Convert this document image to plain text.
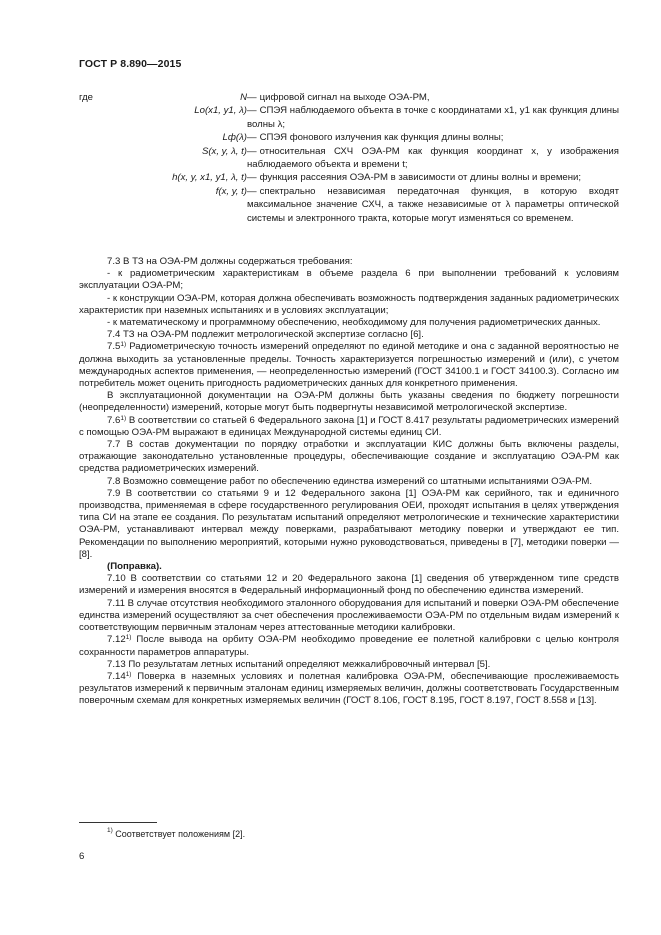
ГОСТ Р 8.890—2015
где	N — цифровой сигнал на выходе ОЭА-РМ,
Lo(x1, y1, λ) — СПЭЯ наблюдаемого объекта в точке с координатами x1, y1 как функция длины волны λ;
Lф(λ) — СПЭЯ фонового излучения как функция длины волны;
S(x, y, λ, t) — относительная СХЧ ОЭА-РМ как функция координат x, y изображения наблюдаемого объекта и времени t;
h(x, y, x1, y1, λ, t) — функция рассеяния ОЭА-РМ в зависимости от длины волны и времени;
f(x, y, t) — спектрально независимая передаточная функция, в которую входят максимальное значение СХЧ, а также независимые от λ параметры оптической системы и электронного тракта, которые могут изменяться со временем.

7.3 В ТЗ на ОЭА-РМ должны содержаться требования:

- к радиометрическим характеристикам в объеме раздела 6 при выполнении требований к условиям эксплуатации ОЭА-РМ;

- к конструкции ОЭА-РМ, которая должна обеспечивать возможность подтверждения заданных радиометрических характеристик при наземных испытаниях и в условиях эксплуатации;

- к математическому и программному обеспечению, необходимому для получения радиометрических данных.

7.4 ТЗ на ОЭА-РМ подлежит метрологической экспертизе согласно [6].

7.5$^{1)}$ Радиометрическую точность измерений определяют по единой методике и она с заданной вероятностью не должна выходить за установленные пределы. Точность характеризуется погрешностью измерений и (или), с учетом международных аспектов применения, — неопределенностью измерений (ГОСТ 34100.1 и ГОСТ 34100.3). Согласно им потребитель может оценить пригодность радиометрических данных для конкретного применения.

В эксплуатационной документации на ОЭА-РМ должны быть указаны сведения по бюджету погрешности (неопределенности) измерений, которые могут быть подвергнуты независимой метрологической экспертизе.

7.6$^{1)}$ В соответствии со статьей 6 Федерального закона [1] и ГОСТ 8.417 результаты радиометрических измерений с помощью ОЭА-РМ выражают в единицах Международной системы единиц СИ.

7.7 В состав документации по порядку отработки и эксплуатации КИС должны быть включены разделы, отражающие законодательно установленные процедуры, обеспечивающие создание и эксплуатацию ОЭА-РМ как средства радиометрических измерений.

7.8 Возможно совмещение работ по обеспечению единства измерений со штатными испытаниями ОЭА-РМ.

7.9 В соответствии со статьями 9 и 12 Федерального закона [1] ОЭА-РМ как серийного, так и единичного производства, применяемая в сфере государственного регулирования ОЕИ, проходят испытания в целях утверждения типа СИ на этапе ее создания. По результатам испытаний определяют метрологические и технические характеристики ОЭА-РМ, устанавливают интервал между поверками, разрабатывают методику поверки и утверждают ее тип. Рекомендации по выполнению мероприятий, которыми нужно руководствоваться, приведены в [7], методики поверки — [8].

(Поправка).

7.10 В соответствии со статьями 12 и 20 Федерального закона [1] сведения об утвержденном типе средств измерений и измерения вносятся в Федеральный информационный фонд по обеспечению единства измерений.

7.11 В случае отсутствия необходимого эталонного оборудования для испытаний и поверки ОЭА-РМ обеспечение единства измерений осуществляют за счет обеспечения прослеживаемости ОЭА-РМ по отдельным видам измерений к соответствующим первичным эталонам через аттестованные методики калибровки.

7.12$^{1)}$ После вывода на орбиту ОЭА-РМ необходимо проведение ее полетной калибровки с целью контроля сохранности параметров аппаратуры.

7.13 По результатам летных испытаний определяют межкалибровочный интервал [5].

7.14$^{1)}$ Поверка в наземных условиях и полетная калибровка ОЭА-РМ, обеспечивающие прослеживаемость результатов измерений к первичным эталонам единиц измеряемых величин, должны соответствовать Государственным поверочным схемам для конкретных измеряемых величин (ГОСТ 8.106, ГОСТ 8.195, ГОСТ 8.197, ГОСТ 8.558 и [13].

$^{1)}$ Соответствует положениям [2].
6
